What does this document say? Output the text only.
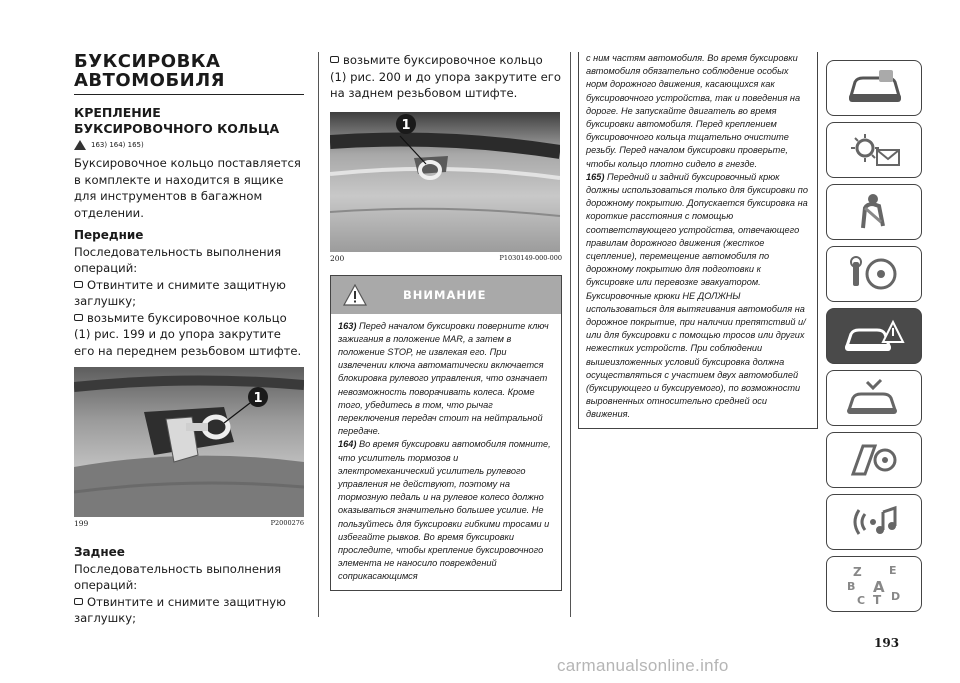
БУКСИРОВКА
АВТОМОБИЛЯ
КРЕПЛЕНИЕ
БУКСИРОВОЧНОГО КОЛЬЦА
163) 164) 165)

Буксировочное кольцо поставляется в комплекте и находится в ящике для инструментов в багажном отделении.

Передние

Последовательность выполнения операций:

Отвинтите и снимите защитную заглушку;

возьмите буксировочное кольцо (1) рис. 199 и до упора закрутите его на переднем резьбовом штифте.

1
199	P2000276
Заднее

Последовательность выполнения операций:

Отвинтите и снимите защитную заглушку;

возьмите буксировочное кольцо (1) рис. 200 и до упора закрутите его на заднем резьбовом штифте.

1
200	P1030149-000-000
ВНИМАНИЕ
163) Перед началом буксировки повернитe ключ зажигания в положение MAR, а затем в положение STOP, не извлекая его. При извлечении ключа автоматически включается блокировка рулевого управления, что означает невозможность поворачивать колеса. Кроме того, убедитесь в том, что рычаг переключения передач стоит на нейтральной передаче.
164) Во время буксировки автомобиля помните, что усилитель тормозов и электромеханический усилитель рулевого управления не действуют, поэтому на тормозную педаль и на рулевое колесо должно оказываться значительно большее усилие. Не пользуйтесь для буксировки гибкими тросами и избегайте рывков. Во время буксировки проследите, чтобы крепление буксировочного элемента не наносило повреждений соприкасающимся
с ним частям автомобиля. Во время буксировки автомобиля обязательно соблюдение особых норм дорожного движения, касающихся как буксировочного устройства, так и поведения на дороге. Не запускайте двигатель во время буксировки автомобиля. Перед креплением буксировочного кольца тщательно очистите резьбу. Перед началом буксировки проверьте, чтобы кольцо плотно сидело в гнезде.
165) Передний и задний буксировочный крюк должны использоваться только для буксировки по дорожному покрытию. Допускается буксировка на короткие расстояния с помощью соответствующего устройства, отвечающего правилам дорожного движения (жесткое сцепление), перемещение автомобиля по дорожному покрытию для подготовки к буксировке или перевозке эвакуатором. Буксировочные крюки НЕ ДОЛЖНЫ использоваться для вытягивания автомобиля на дорожное покрытие, при наличии препятствий и/или для буксировки с помощью тросов или других нежестких устройств. При соблюдении вышеизложенных условий буксировка должна осуществляться с участием двух автомобилей (буксирующего и буксируемого), по возможности выровненных относительно средней оси движения.
Z E
B A
C T D
193
carmanualsonline.info
